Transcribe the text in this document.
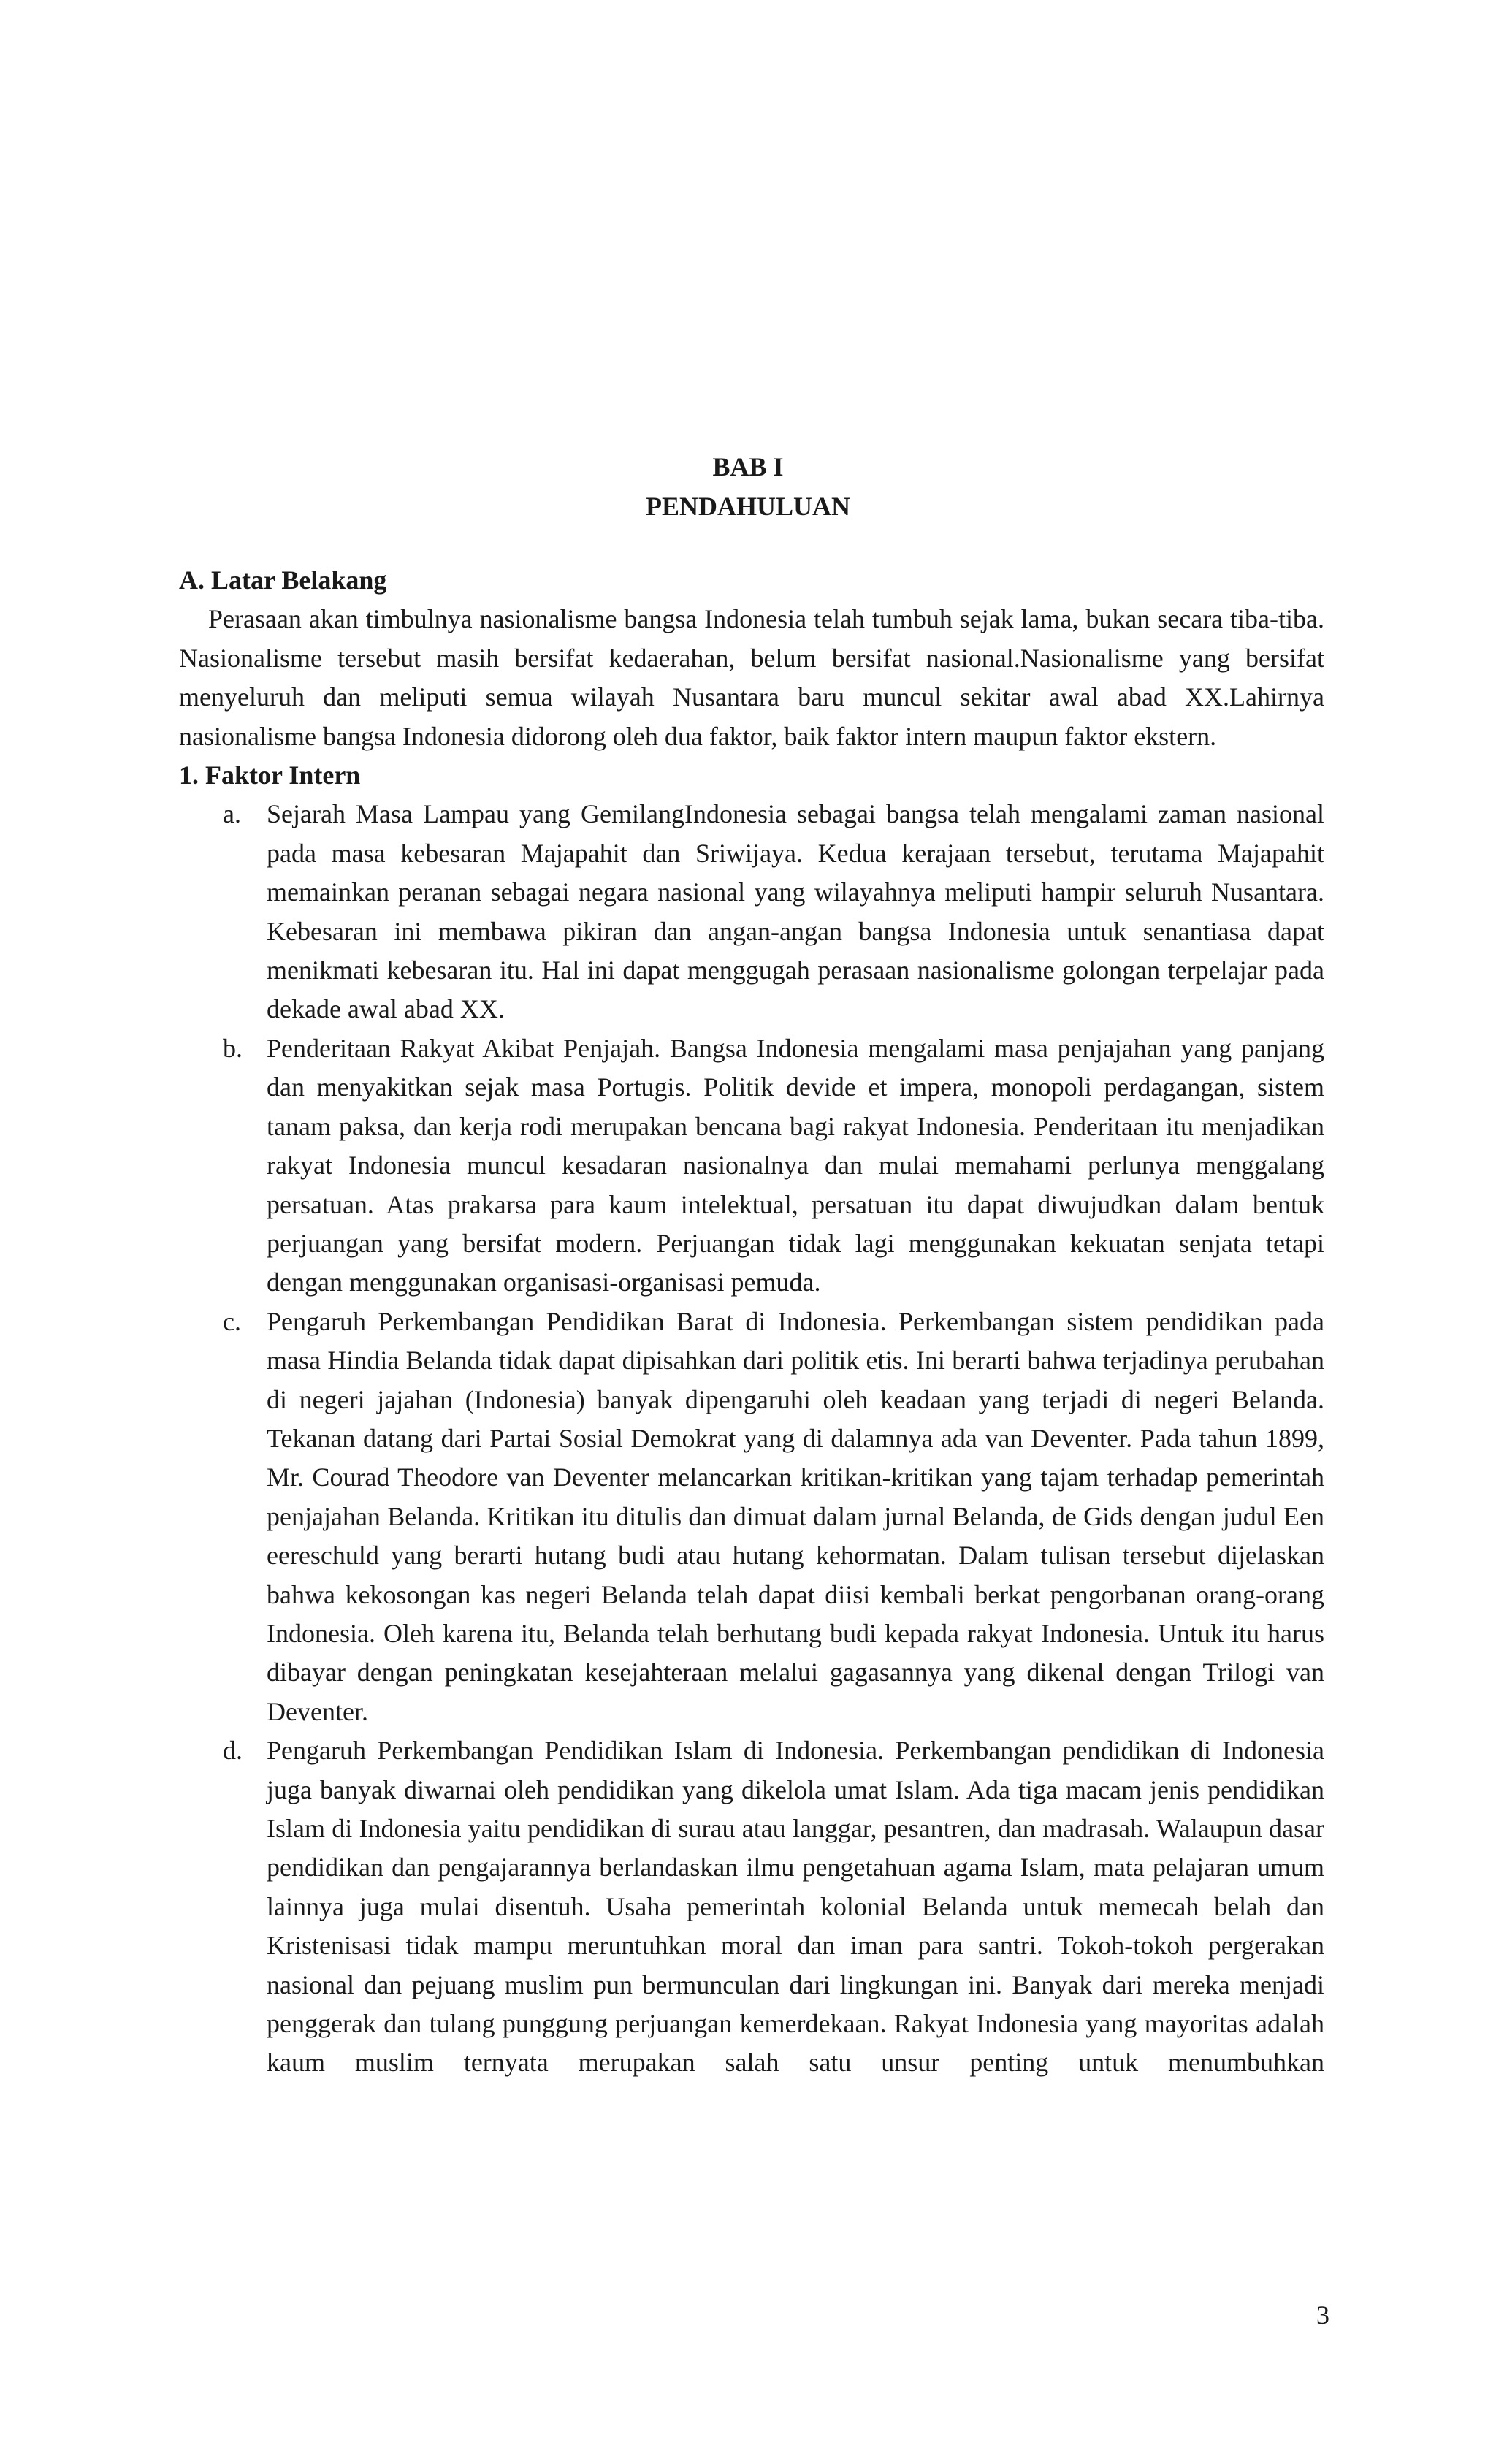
BAB I
PENDAHULUAN

A. Latar Belakang

Perasaan akan timbulnya nasionalisme bangsa Indonesia telah tumbuh sejak lama, bukan secara tiba-tiba. Nasionalisme tersebut masih bersifat kedaerahan, belum bersifat nasional.Nasionalisme yang bersifat menyeluruh dan meliputi semua wilayah Nusantara baru muncul sekitar awal abad XX.Lahirnya nasionalisme bangsa Indonesia didorong oleh dua faktor, baik faktor intern maupun faktor ekstern.

1. Faktor Intern

a. Sejarah Masa Lampau yang GemilangIndonesia sebagai bangsa telah mengalami zaman nasional pada masa kebesaran Majapahit dan Sriwijaya. Kedua kerajaan tersebut, terutama Majapahit memainkan peranan sebagai negara nasional yang wilayahnya meliputi hampir seluruh Nusantara. Kebesaran ini membawa pikiran dan angan-angan bangsa Indonesia untuk senantiasa dapat menikmati kebesaran itu. Hal ini dapat menggugah perasaan nasionalisme golongan terpelajar pada dekade awal abad XX.
b. Penderitaan Rakyat Akibat Penjajah. Bangsa Indonesia mengalami masa penjajahan yang panjang dan menyakitkan sejak masa Portugis. Politik devide et impera, monopoli perdagangan, sistem tanam paksa, dan kerja rodi merupakan bencana bagi rakyat Indonesia. Penderitaan itu menjadikan rakyat Indonesia muncul kesadaran nasionalnya dan mulai memahami perlunya menggalang persatuan. Atas prakarsa para kaum intelektual, persatuan itu dapat diwujudkan dalam bentuk perjuangan yang bersifat modern. Perjuangan tidak lagi menggunakan kekuatan senjata tetapi dengan menggunakan organisasi-organisasi pemuda.
c. Pengaruh Perkembangan Pendidikan Barat di Indonesia. Perkembangan sistem pendidikan pada masa Hindia Belanda tidak dapat dipisahkan dari politik etis. Ini berarti bahwa terjadinya perubahan di negeri jajahan (Indonesia) banyak dipengaruhi oleh keadaan yang terjadi di negeri Belanda. Tekanan datang dari Partai Sosial Demokrat yang di dalamnya ada van Deventer. Pada tahun 1899, Mr. Courad Theodore van Deventer melancarkan kritikan-kritikan yang tajam terhadap pemerintah penjajahan Belanda. Kritikan itu ditulis dan dimuat dalam jurnal Belanda, de Gids dengan judul Een eereschuld yang berarti hutang budi atau hutang kehormatan. Dalam tulisan tersebut dijelaskan bahwa kekosongan kas negeri Belanda telah dapat diisi kembali berkat pengorbanan orang-orang Indonesia. Oleh karena itu, Belanda telah berhutang budi kepada rakyat Indonesia. Untuk itu harus dibayar dengan peningkatan kesejahteraan melalui gagasannya yang dikenal dengan Trilogi van Deventer.
d. Pengaruh Perkembangan Pendidikan Islam di Indonesia. Perkembangan pendidikan di Indonesia juga banyak diwarnai oleh pendidikan yang dikelola umat Islam. Ada tiga macam jenis pendidikan Islam di Indonesia yaitu pendidikan di surau atau langgar, pesantren, dan madrasah. Walaupun dasar pendidikan dan pengajarannya berlandaskan ilmu pengetahuan agama Islam, mata pelajaran umum lainnya juga mulai disentuh. Usaha pemerintah kolonial Belanda untuk memecah belah dan Kristenisasi tidak mampu meruntuhkan moral dan iman para santri. Tokoh-tokoh pergerakan nasional dan pejuang muslim pun bermunculan dari lingkungan ini. Banyak dari mereka menjadi penggerak dan tulang punggung perjuangan kemerdekaan. Rakyat Indonesia yang mayoritas adalah kaum muslim ternyata merupakan salah satu unsur penting untuk menumbuhkan
3
